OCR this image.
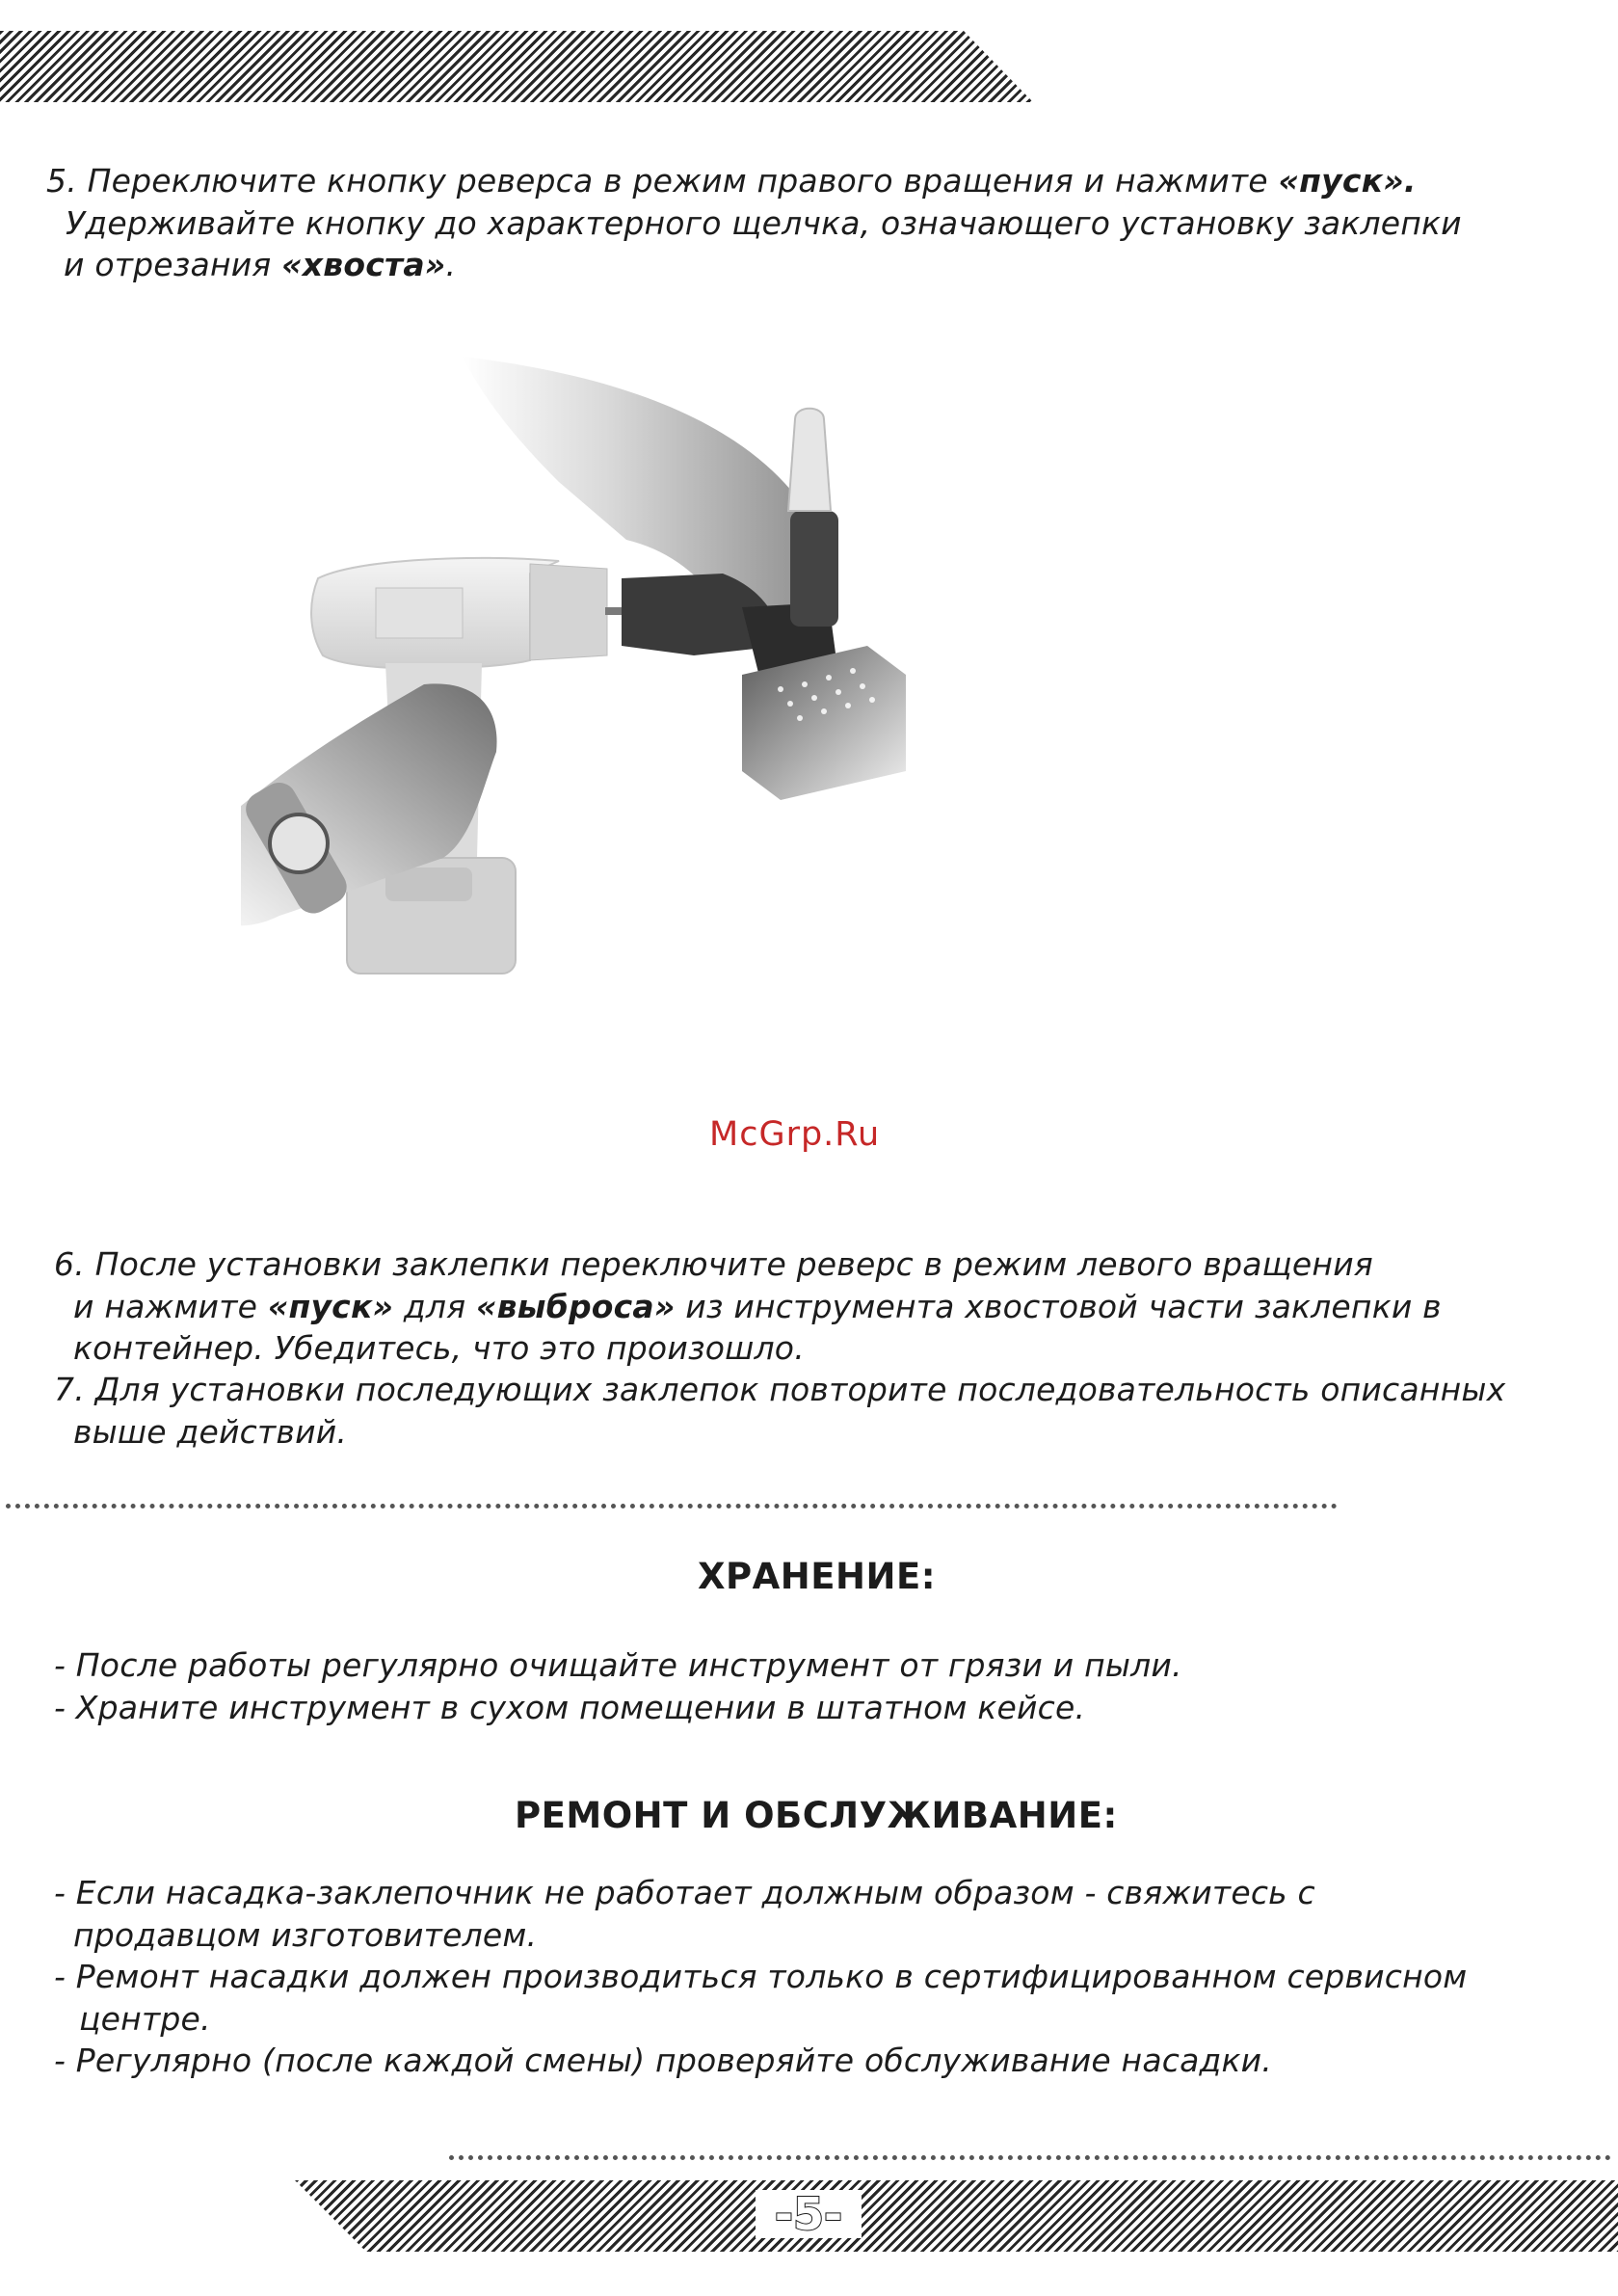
5. Переключите кнопку реверса в режим правого вращения и нажмите «пуск».
Удерживайте кнопку до характерного щелчка, означающего установку заклепки
и отрезания «хвоста».

McGrp.Ru

6. После установки заклепки переключите реверс в режим левого вращения
и нажмите «пуск» для «выброса» из инструмента хвостовой части заклепки в
контейнер. Убедитесь, что это произошло.

7. Для установки последующих заклепок повторите последовательность описанных
выше действий.

ХРАНЕНИЕ:

- После работы регулярно очищайте инструмент от грязи и пыли.
- Храните инструмент в сухом помещении в штатном кейсе.

РЕМОНТ И ОБСЛУЖИВАНИЕ:

- Если насадка-заклепочник не работает должным образом - свяжитесь с
продавцом изготовителем.
- Ремонт насадки должен производиться только в сертифицированном сервисном
центре.
- Регулярно (после каждой смены) проверяйте обслуживание насадки.

-5-
